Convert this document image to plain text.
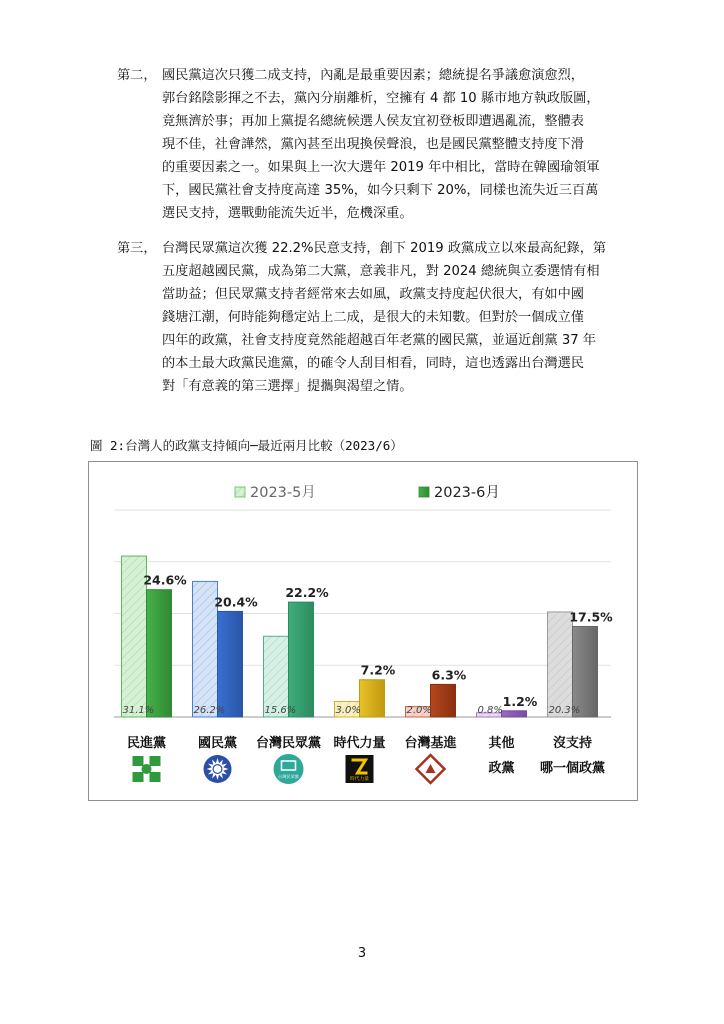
第二， 國民黨這次只獲二成支持，內亂是最重要因素；總統提名爭議愈演愈烈，
郭台銘陰影揮之不去，黨內分崩離析，空擁有 4 都 10 縣市地方執政版圖，
竟無濟於事；再加上黨提名總統候選人侯友宜初登板即遭遇亂流，整體表
現不佳，社會譁然，黨內甚至出現換侯聲浪，也是國民黨整體支持度下滑
的重要因素之一。如果與上一次大選年 2019 年中相比，當時在韓國瑜領軍
下，國民黨社會支持度高達 35%，如今只剩下 20%，同樣也流失近三百萬
選民支持，選戰動能流失近半，危機深重。
第三， 台灣民眾黨這次獲 22.2%民意支持，創下 2019 政黨成立以來最高紀錄，第
五度超越國民黨，成為第二大黨，意義非凡，對 2024 總統與立委選情有相
當助益；但民眾黨支持者經常來去如風，政黨支持度起伏很大，有如中國
錢塘江潮，何時能夠穩定站上二成，是很大的未知數。但對於一個成立僅
四年的政黨，社會支持度竟然能超越百年老黨的國民黨，並逼近創黨 37 年
的本土最大政黨民進黨，的確令人刮目相看，同時，這也透露出台灣選民
對「有意義的第三選擇」提攜與渴望之情。
圖 2:台灣人的政黨支持傾向─最近兩月比較（2023/6）
2023-5月	2023-6月
31.1%
24.6%
民進黨
26.2%
20.4%
國民黨
15.6%
22.2%
台灣民眾黨
3.0%
7.2%
時代力量
2.0%
6.3%
台灣基進
0.8%
1.2%
其他
政黨
20.3%
17.5%
沒支持
哪一個政黨
台灣民眾黨
時代力量
3
